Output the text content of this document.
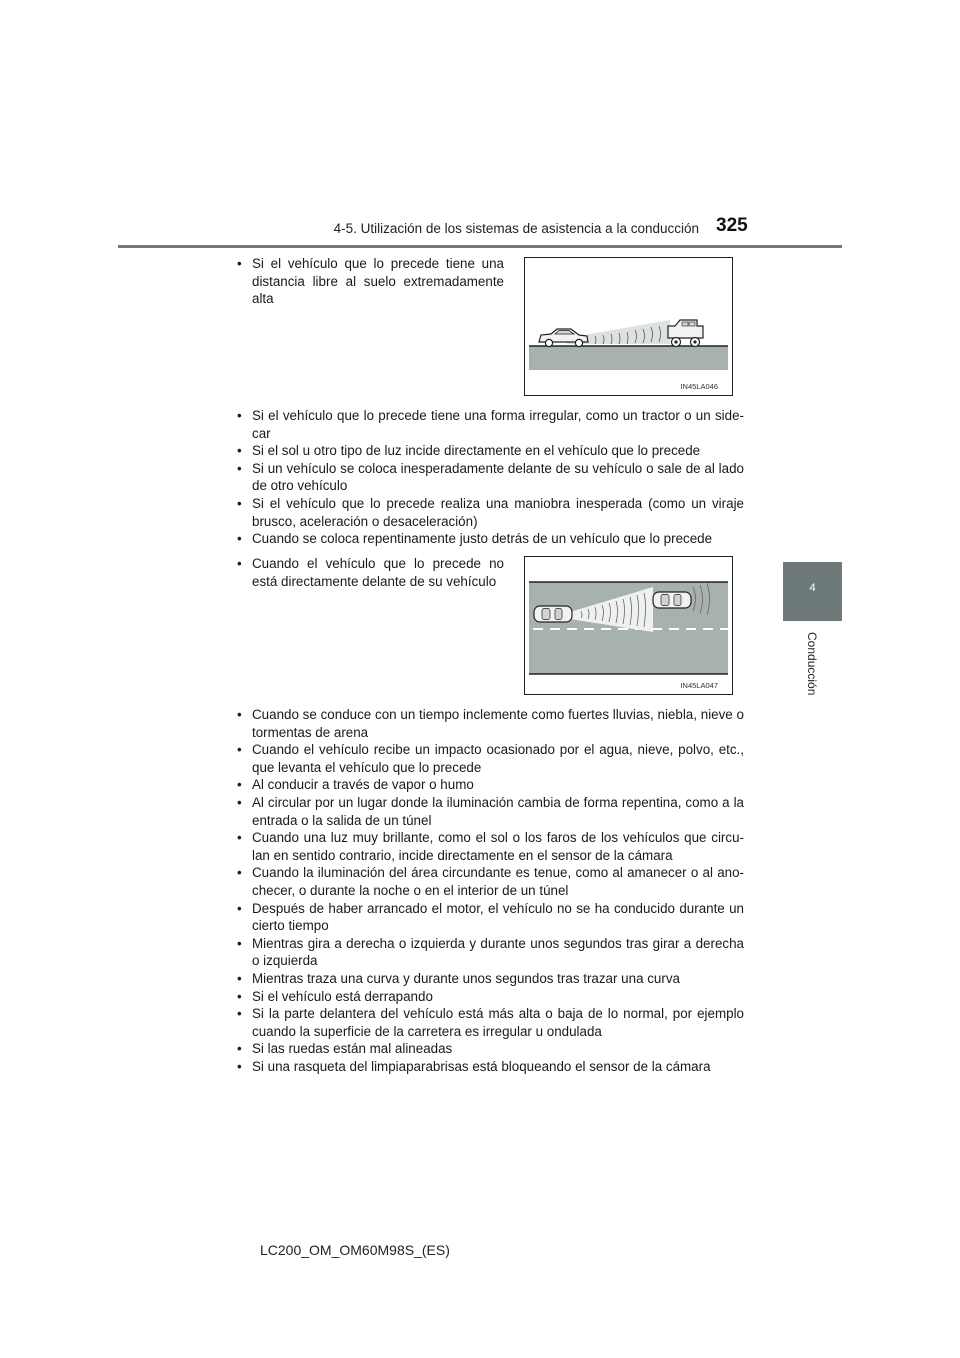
4-5. Utilización de los sistemas de asistencia a la conducción 325
4
Conducción
• Si el vehículo que lo precede tiene una distancia libre al suelo extremadamente alta
IN45LA046
• Si el vehículo que lo precede tiene una forma irregular, como un tractor o un side-car
• Si el sol u otro tipo de luz incide directamente en el vehículo que lo precede
• Si un vehículo se coloca inesperadamente delante de su vehículo o sale de al lado de otro vehículo
• Si el vehículo que lo precede realiza una maniobra inesperada (como un viraje brusco, aceleración o desaceleración)
• Cuando se coloca repentinamente justo detrás de un vehículo que lo precede
• Cuando el vehículo que lo precede no está directamente delante de su vehículo
IN45LA047
• Cuando se conduce con un tiempo inclemente como fuertes lluvias, niebla, nieve o tormentas de arena
• Cuando el vehículo recibe un impacto ocasionado por el agua, nieve, polvo, etc., que levanta el vehículo que lo precede
• Al conducir a través de vapor o humo
• Al circular por un lugar donde la iluminación cambia de forma repentina, como a la entrada o la salida de un túnel
• Cuando una luz muy brillante, como el sol o los faros de los vehículos que circu-lan en sentido contrario, incide directamente en el sensor de la cámara
• Cuando la iluminación del área circundante es tenue, como al amanecer o al ano-checer, o durante la noche o en el interior de un túnel
• Después de haber arrancado el motor, el vehículo no se ha conducido durante un cierto tiempo
• Mientras gira a derecha o izquierda y durante unos segundos tras girar a derecha o izquierda
• Mientras traza una curva y durante unos segundos tras trazar una curva
• Si el vehículo está derrapando
• Si la parte delantera del vehículo está más alta o baja de lo normal, por ejemplo cuando la superficie de la carretera es irregular u ondulada
• Si las ruedas están mal alineadas
• Si una rasqueta del limpiaparabrisas está bloqueando el sensor de la cámara
LC200_OM_OM60M98S_(ES)
